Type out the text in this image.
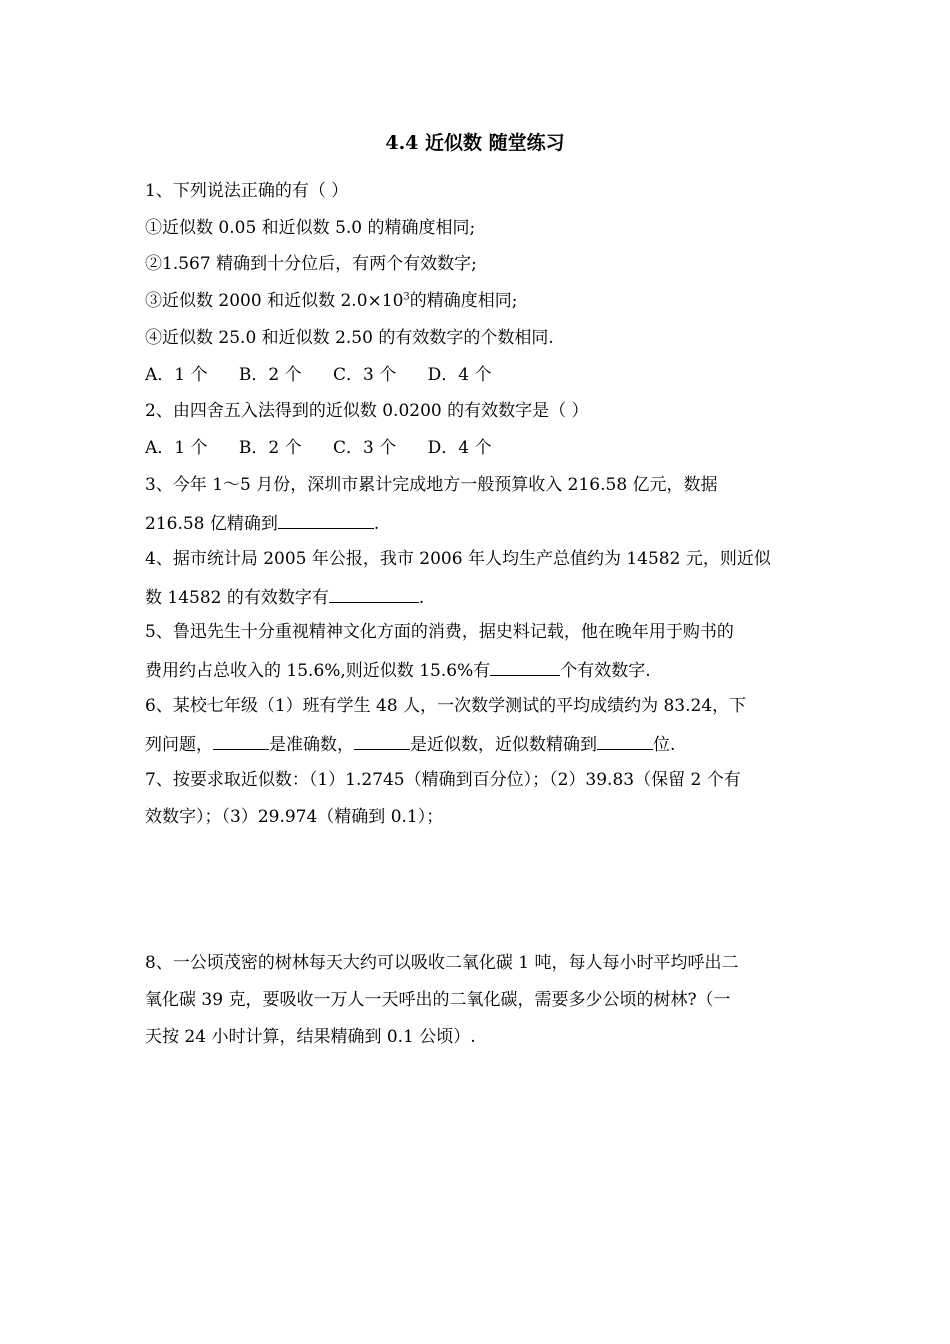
4.4 近似数 随堂练习
1、下列说法正确的有（ ）
①近似数 0.05 和近似数 5.0 的精确度相同;
②1.567 精确到十分位后，有两个有效数字;
③近似数 2000 和近似数 $2.0\times 10^3$的精确度相同;
④近似数 25.0 和近似数 2.50 的有效数字的个数相同.
A．1 个 B．2 个 C．3 个 D．4 个
2、由四舍五入法得到的近似数 0.0200 的有效数字是（ ）
A．1 个 B．2 个 C．3 个 D．4 个
3、今年 1～5 月份，深圳市累计完成地方一般预算收入 216.58 亿元，数据
216.58 亿精确到	.
4、据市统计局 2005 年公报，我市 2006 年人均生产总值约为 14582 元，则近似
数 14582 的有效数字有	.
5、鲁迅先生十分重视精神文化方面的消费，据史料记载，他在晚年用于购书的
费用约占总收入的 15.6%,则近似数 15.6%有	个有效数字.
6、某校七年级（1）班有学生 48 人，一次数学测试的平均成绩约为 83.24，下
列问题，	是准确数，	是近似数，近似数精确到	位.
7、按要求取近似数：（1）1.2745（精确到百分位）；（2）39.83（保留 2 个有
效数字）；（3）29.974（精确到 0.1）；
8、一公顷茂密的树林每天大约可以吸收二氧化碳 1 吨，每人每小时平均呼出二
氧化碳 39 克，要吸收一万人一天呼出的二氧化碳，需要多少公顷的树林?（一
天按 24 小时计算，结果精确到 0.1 公顷）.
